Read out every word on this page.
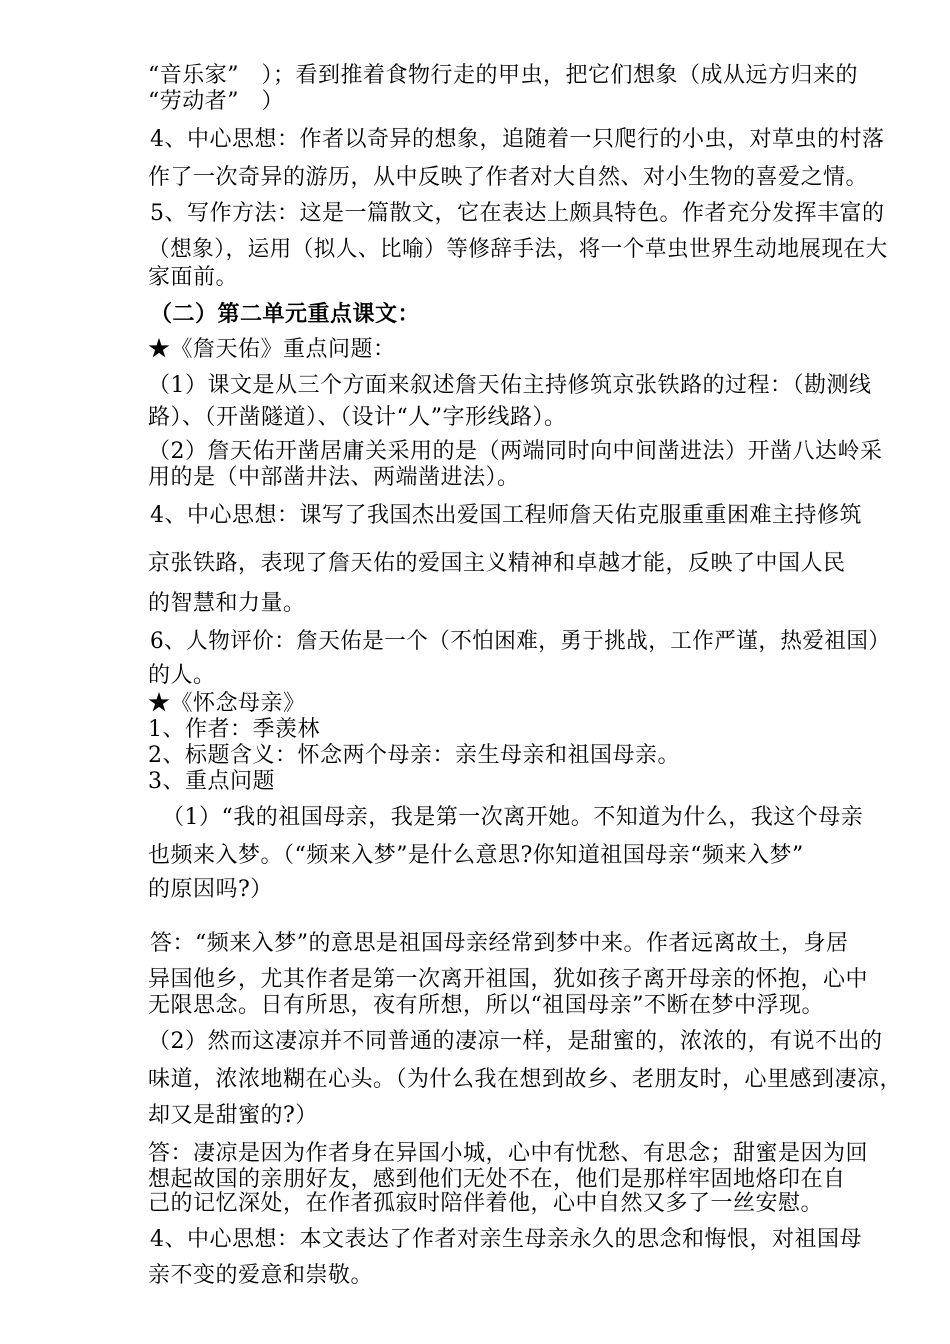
“音乐家”　）；看到推着食物行走的甲虫，把它们想象（成从远方归来的
“劳动者”　）
4、中心思想：作者以奇异的想象，追随着一只爬行的小虫，对草虫的村落
作了一次奇异的游历，从中反映了作者对大自然、对小生物的喜爱之情。
5、写作方法：这是一篇散文，它在表达上颇具特色。作者充分发挥丰富的
（想象），运用（拟人、比喻）等修辞手法，将一个草虫世界生动地展现在大
家面前。
（二）第二单元重点课文：
★《詹天佑》重点问题：
（1）课文是从三个方面来叙述詹天佑主持修筑京张铁路的过程：（勘测线
路）、（开凿隧道）、（设计“人”字形线路）。
（2）詹天佑开凿居庸关采用的是（两端同时向中间凿进法）开凿八达岭采
用的是（中部凿井法、两端凿进法）。
4、中心思想：课写了我国杰出爱国工程师詹天佑克服重重困难主持修筑
京张铁路，表现了詹天佑的爱国主义精神和卓越才能，反映了中国人民
的智慧和力量。
6、人物评价：詹天佑是一个（不怕困难，勇于挑战，工作严谨，热爱祖国）
的人。
★《怀念母亲》
1、作者：季羡林
2、标题含义：怀念两个母亲：亲生母亲和祖国母亲。
3、重点问题
（1）“我的祖国母亲，我是第一次离开她。不知道为什么，我这个母亲
也频来入梦。（“频来入梦”是什么意思?你知道祖国母亲“频来入梦”
的原因吗?）
答：“频来入梦”的意思是祖国母亲经常到梦中来。作者远离故土，身居
异国他乡，尤其作者是第一次离开祖国，犹如孩子离开母亲的怀抱，心中
无限思念。日有所思，夜有所想，所以“祖国母亲”不断在梦中浮现。
（2）然而这凄凉并不同普通的凄凉一样，是甜蜜的，浓浓的，有说不出的
味道，浓浓地糊在心头。（为什么我在想到故乡、老朋友时，心里感到凄凉，
却又是甜蜜的?）
答：凄凉是因为作者身在异国小城，心中有忧愁、有思念；甜蜜是因为回
想起故国的亲朋好友，感到他们无处不在，他们是那样牢固地烙印在自
己的记忆深处，在作者孤寂时陪伴着他，心中自然又多了一丝安慰。
4、中心思想：本文表达了作者对亲生母亲永久的思念和悔恨，对祖国母
亲不变的爱意和崇敬。
